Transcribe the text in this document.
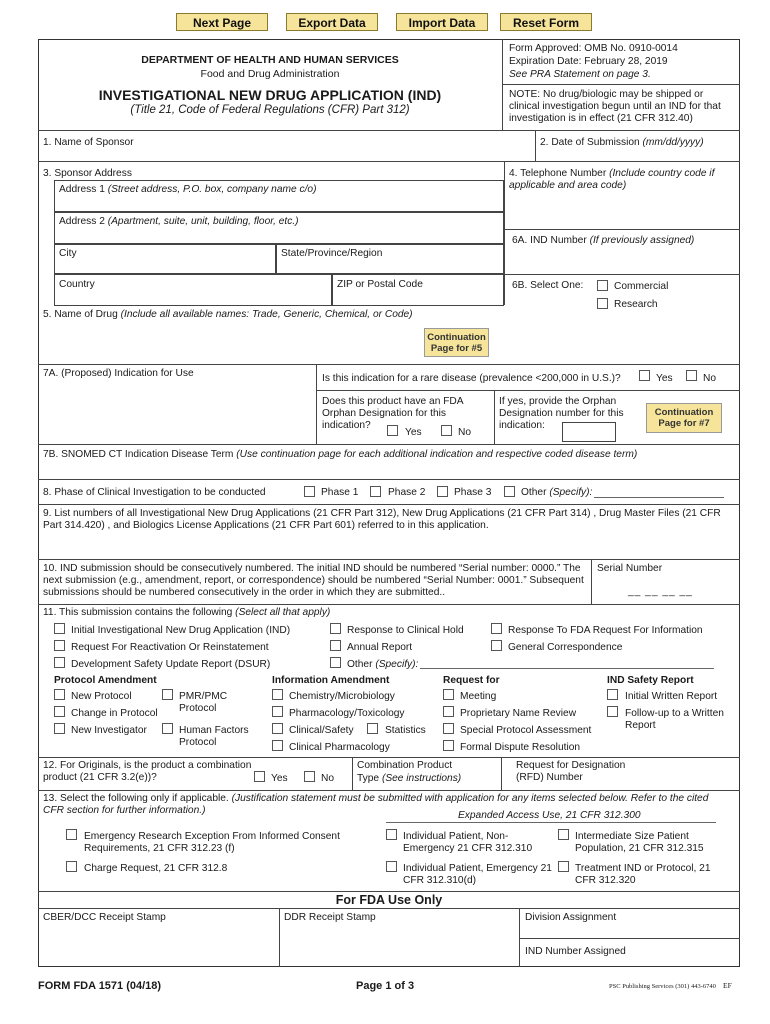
Next Page	Export Data	Import Data	Reset Form
DEPARTMENT OF HEALTH AND HUMAN SERVICES
Food and Drug Administration
INVESTIGATIONAL NEW DRUG APPLICATION (IND)
(Title 21, Code of Federal Regulations (CFR) Part 312)
Form Approved: OMB No. 0910-0014
Expiration Date: February 28, 2019
See PRA Statement on page 3.
NOTE: No drug/biologic may be shipped or clinical investigation begun until an IND for that investigation is in effect (21 CFR 312.40)
1. Name of Sponsor	2. Date of Submission (mm/dd/yyyy)
3. Sponsor Address
Address 1 (Street address, P.O. box, company name c/o)
Address 2 (Apartment, suite, unit, building, floor, etc.)
City	State/Province/Region
Country	ZIP or Postal Code
4. Telephone Number (Include country code if applicable and area code)
6A. IND Number (If previously assigned)
6B. Select One:	Commercial
Research
5. Name of Drug (Include all available names: Trade, Generic, Chemical, or Code)
Continuation Page for #5
7A. (Proposed) Indication for Use	Is this indication for a rare disease (prevalence <200,000 in U.S.)?	Yes	No
Does this product have an FDA Orphan Designation for this indication?
Yes	No
If yes, provide the Orphan Designation number for this indication:
Continuation Page for #7
7B. SNOMED CT Indication Disease Term (Use continuation page for each additional indication and respective coded disease term)
8. Phase of Clinical Investigation to be conducted	Phase 1	Phase 2	Phase 3	Other (Specify):
9. List numbers of all Investigational New Drug Applications (21 CFR Part 312), New Drug Applications (21 CFR Part 314) , Drug Master Files (21 CFR Part 314.420) , and Biologics License Applications (21 CFR Part 601) referred to in this application.
10. IND submission should be consecutively numbered. The initial IND should be numbered “Serial number: 0000.” The next submission (e.g., amendment, report, or correspondence) should be numbered “Serial Number: 0001.” Subsequent submissions should be numbered consecutively in the order in which they are submitted..
Serial Number
__ __ __ __
11. This submission contains the following (Select all that apply)
Initial Investigational New Drug Application (IND)
Request For Reactivation Or Reinstatement
Development Safety Update Report (DSUR)
Response to Clinical Hold
Annual Report
Other (Specify):
Response To FDA Request For Information
General Correspondence
Protocol Amendment	Information Amendment	Request for	IND Safety Report
New Protocol
Change in Protocol
New Investigator
PMR/PMC Protocol
Human Factors Protocol
Chemistry/Microbiology
Pharmacology/Toxicology
Clinical/Safety	Statistics
Clinical Pharmacology
Meeting
Proprietary Name Review
Special Protocol Assessment
Formal Dispute Resolution
Initial Written Report
Follow-up to a Written Report
12. For Originals, is the product a combination product (21 CFR 3.2(e))?	Yes	No
Combination Product
Type (See instructions)
Request for Designation (RFD) Number
13. Select the following only if applicable. (Justification statement must be submitted with application for any items selected below. Refer to the cited CFR section for further information.)	Expanded Access Use, 21 CFR 312.300
Emergency Research Exception From Informed Consent Requirements, 21 CFR 312.23 (f)
Charge Request, 21 CFR 312.8
Individual Patient, Non-Emergency 21 CFR 312.310
Individual Patient, Emergency 21 CFR 312.310(d)
Intermediate Size Patient Population, 21 CFR 312.315
Treatment IND or Protocol, 21 CFR 312.320
For FDA Use Only
CBER/DCC Receipt Stamp	DDR Receipt Stamp	Division Assignment
IND Number Assigned
FORM FDA 1571 (04/18)	Page 1 of 3	PSC Publishing Services (301) 443-6740 EF
